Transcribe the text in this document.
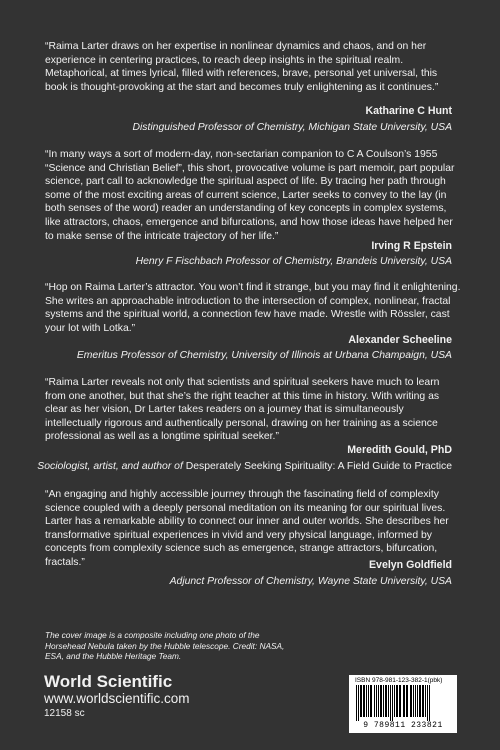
“Raima Larter draws on her expertise in nonlinear dynamics and chaos, and on her experience in centering practices, to reach deep insights in the spiritual realm. Metaphorical, at times lyrical, filled with references, brave, personal yet universal, this book is thought-provoking at the start and becomes truly enlightening as it continues.”

Katharine C Hunt
Distinguished Professor of Chemistry, Michigan State University, USA

“In many ways a sort of modern-day, non-sectarian companion to C A Coulson’s 1955 “Science and Christian Belief”, this short, provocative volume is part memoir, part popular science, part call to acknowledge the spiritual aspect of life. By tracing her path through some of the most exciting areas of current science, Larter seeks to convey to the lay (in both senses of the word) reader an understanding of key concepts in complex systems, like attractors, chaos, emergence and bifurcations, and how those ideas have helped her to make sense of the intricate trajectory of her life.”

Irving R Epstein
Henry F Fischbach Professor of Chemistry, Brandeis University, USA

“Hop on Raima Larter’s attractor. You won’t find it strange, but you may find it enlightening. She writes an approachable introduction to the intersection of complex, nonlinear, fractal systems and the spiritual world, a connection few have made. Wrestle with Rössler, cast your lot with Lotka.”

Alexander Scheeline
Emeritus Professor of Chemistry, University of Illinois at Urbana Champaign, USA

“Raima Larter reveals not only that scientists and spiritual seekers have much to learn from one another, but that she’s the right teacher at this time in history. With writing as clear as her vision, Dr Larter takes readers on a journey that is simultaneously intellectually rigorous and authentically personal, drawing on her training as a science professional as well as a longtime spiritual seeker.”

Meredith Gould, PhD
Sociologist, artist, and author of Desperately Seeking Spirituality: A Field Guide to Practice

“An engaging and highly accessible journey through the fascinating field of complexity science coupled with a deeply personal meditation on its meaning for our spiritual lives. Larter has a remarkable ability to connect our inner and outer worlds. She describes her transformative spiritual experiences in vivid and very physical language, informed by concepts from complexity science such as emergence, strange attractors, bifurcation, fractals.”	Evelyn Goldfield
Adjunct Professor of Chemistry, Wayne State University, USA
The cover image is a composite including one photo of the Horsehead Nebula taken by the Hubble telescope. Credit: NASA, ESA, and the Hubble Heritage Team.
World Scientific
www.worldscientific.com
12158 sc
ISBN 978-981-123-382-1(pbk)
9 789811 233821
